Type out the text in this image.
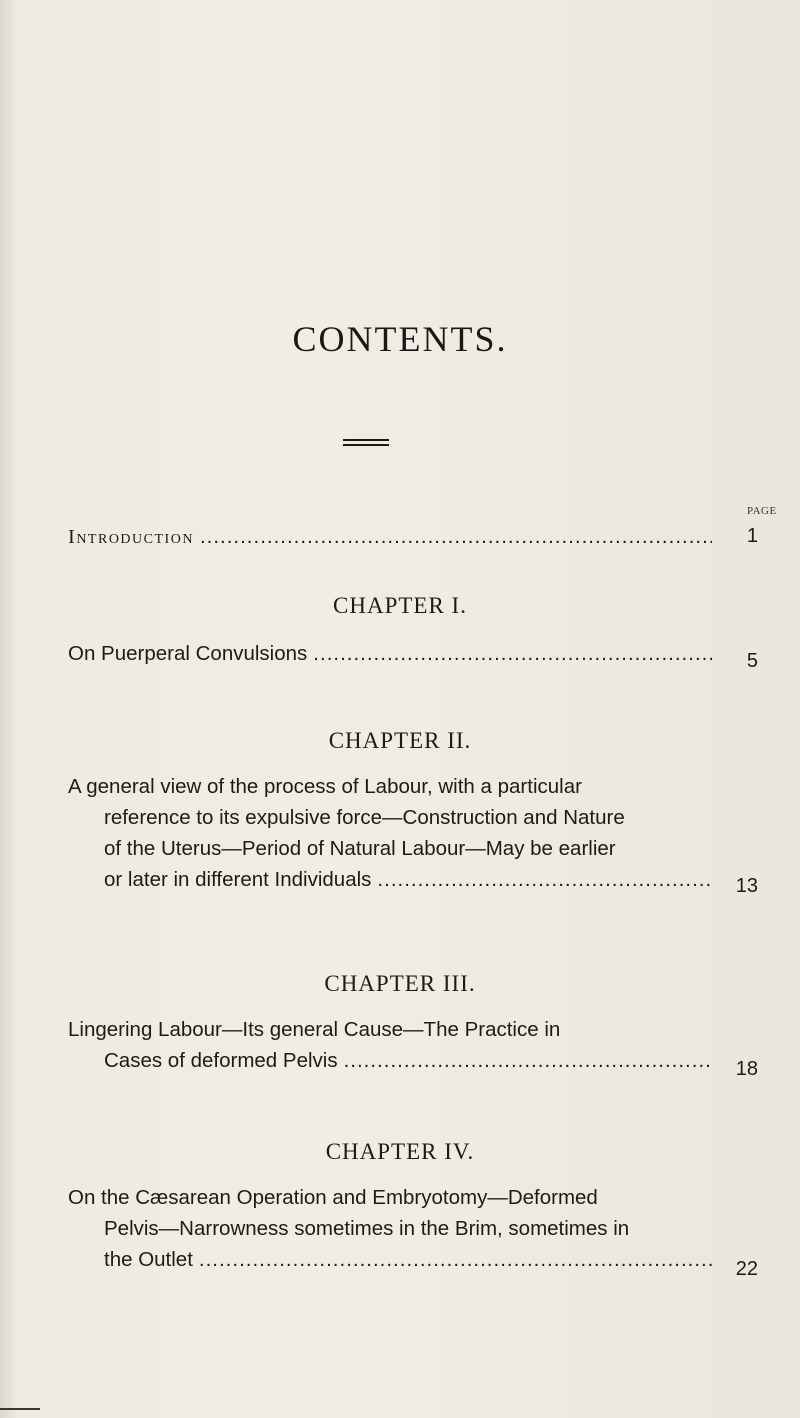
CONTENTS.
PAGE
Introduction .....	1
CHAPTER I.
On Puerperal Convulsions .....	5
CHAPTER II.
A general view of the process of Labour, with a particular
reference to its expulsive force—Construction and Nature
of the Uterus—Period of Natural Labour—May be earlier
or later in different Individuals .....	13
CHAPTER III.
Lingering Labour—Its general Cause—The Practice in
Cases of deformed Pelvis .....	18
CHAPTER IV.
On the Cæsarean Operation and Embryotomy—Deformed
Pelvis—Narrowness sometimes in the Brim, sometimes in
the Outlet .....	22
